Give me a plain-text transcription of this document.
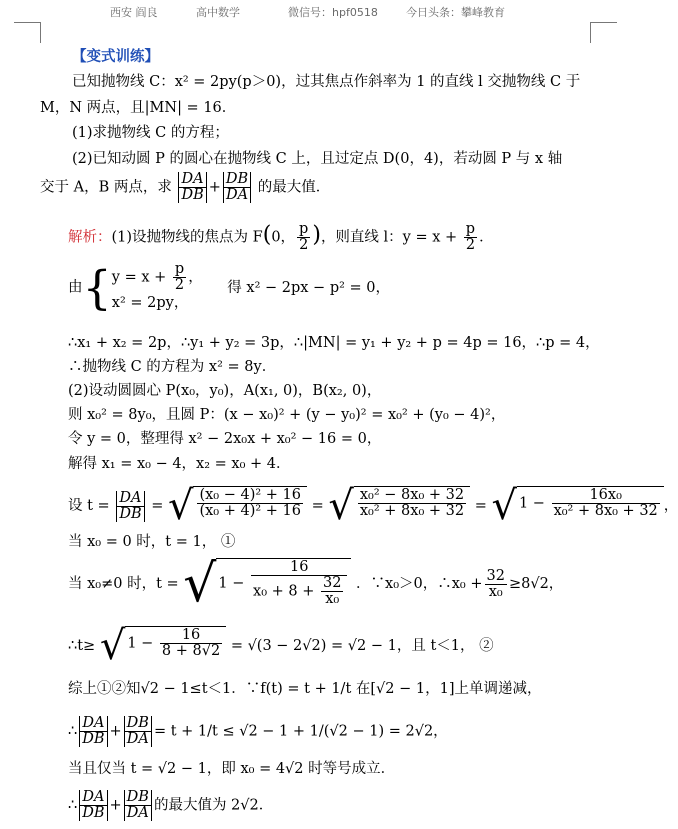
西安 阎良	高中数学	微信号：hpf0518	今日头条：攀峰教育
【变式训练】
已知抛物线 C：x² = 2py(p＞0)，过其焦点作斜率为 1 的直线 l 交抛物线 C 于
M，N 两点，且|MN| = 16．
(1)求抛物线 C 的方程；
(2)已知动圆 P 的圆心在抛物线 C 上，且过定点 D(0，4)，若动圆 P 与 x 轴
交于 A，B 两点，求 $\frac{DA}{DB} + \frac{DB}{DA}$ 的最大值．
解析：(1)设抛物线的焦点为 F(0， $\frac{p}{2}$ )，则直线 l：$y = x + \frac{p}{2}$ ．
由{ $y = x + \frac{p}{2}$ ，
x² = 2py，
得 x² − 2px − p² = 0，
∴x₁ + x₂ = 2p，∴y₁ + y₂ = 3p，∴|MN| = y₁ + y₂ + p = 4p = 16，∴p = 4，
∴抛物线 C 的方程为 x² = 8y．
(2)设动圆圆心 P(x₀，y₀)，A(x₁, 0)，B(x₂, 0)，
则 x₀² = 8y₀，且圆 P：(x − x₀)² + (y − y₀)² = x₀² + (y₀ − 4)²，
令 y = 0，整理得 x² − 2x₀x + x₀² − 16 = 0，
解得 x₁ = x₀ − 4，x₂ = x₀ + 4．
设 $t = \frac{DA}{DB}$ = √ $\frac{\text{(x₀ − 4)² + 16}}{\text{(x₀ + 4)² + 16}}$ = √ $\frac{\text{x₀² − 8x₀ + 32}}{\text{x₀² + 8x₀ + 32}}$ = √ $1 - \frac{\text{16x₀}}{\text{x₀² + 8x₀ + 32}}$ ，
当 x₀ = 0 时，t = 1， ①
当 x₀≠0 时，t = √ $1 - \frac{16}{x_0 + 8 + \frac{32}{\text{x₀}}}$ ．∵x₀＞0，∴x₀ + $\frac{32}{\text{x₀}} \ge 8√2$，
∴t≥ √ $1 - \frac{16}{8 + 8√2} = √(3 - 2√2) = √2 - 1$，且 t＜1， ②
综上①②知√2 − 1≤t＜1．∵f(t) = t + 1/t 在[√2 − 1，1]上单调递减，
∴ $\frac{DA}{DB} + \frac{DB}{DA} = t + 1/t \le √2 - 1 + 1/(√2 - 1) = 2√2$，
当且仅当 t = √2 − 1，即 x₀ = 4√2 时等号成立．
∴ $\frac{DA}{DB} + \frac{DB}{DA}$ 的最大值为 2√2．
